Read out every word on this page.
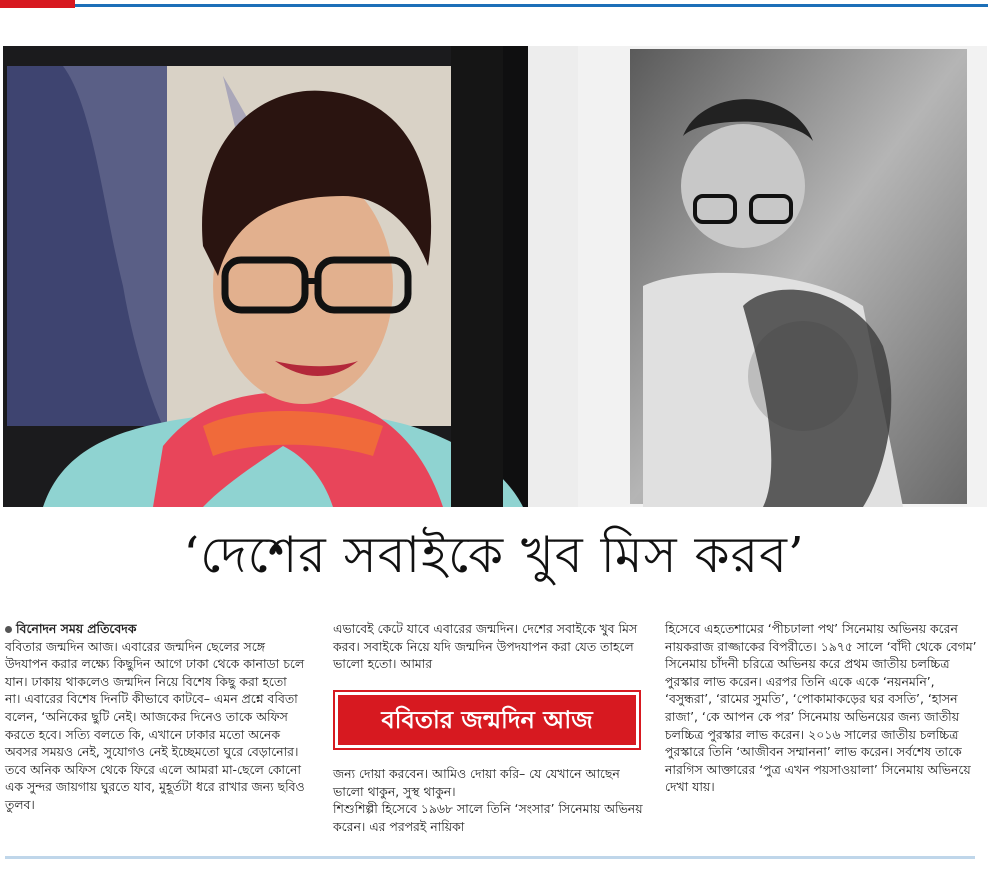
‘দেশের সবাইকে খুব মিস করব’

বিনোদন সময় প্রতিবেদক

ববিতার জন্মদিন আজ। এবারের জন্মদিন ছেলের সঙ্গে উদযাপন করার লক্ষ্যে কিছুদিন আগে ঢাকা থেকে কানাডা চলে যান। ঢাকায় থাকলেও জন্মদিন নিয়ে বিশেষ কিছু করা হতো না। এবারের বিশেষ দিনটি কীভাবে কাটবে– এমন প্রশ্নে ববিতা বলেন, ‘অনিকের ছুটি নেই। আজকের দিনেও তাকে অফিস করতে হবে। সত্যি বলতে কি, এখানে ঢাকার মতো অনেক অবসর সময়ও নেই, সুযোগও নেই ইচ্ছেমতো ঘুরে বেড়ানোর। তবে অনিক অফিস থেকে ফিরে এলে আমরা মা-ছেলে কোনো এক সুন্দর জায়গায় ঘুরতে যাব, মুহূর্তটা ধরে রাখার জন্য ছবিও তুলব।

এভাবেই কেটে যাবে এবারের জন্মদিন। দেশের সবাইকে খুব মিস করব। সবাইকে নিয়ে যদি জন্মদিন উপদযাপন করা যেত তাহলে ভালো হতো। আমার

ববিতার জন্মদিন আজ

জন্য দোয়া করবেন। আমিও দোয়া করি– যে যেখানে আছেন ভালো থাকুন, সুস্থ থাকুন।

শিশুশিল্পী হিসেবে ১৯৬৮ সালে তিনি ‘সংসার’ সিনেমায় অভিনয় করেন। এর পরপরই নায়িকা

হিসেবে এহতেশামের ‘পীচঢালা পথ’ সিনেমায় অভিনয় করেন নায়করাজ রাজ্জাকের বিপরীতে। ১৯৭৫ সালে ‘বাঁদী থেকে বেগম’ সিনেমায় চাঁদনী চরিত্রে অভিনয় করে প্রথম জাতীয় চলচ্চিত্র পুরস্কার লাভ করেন। এরপর তিনি একে একে ‘নয়নমনি’, ‘বসুন্ধরা’, ‘রামের সুমতি’, ‘পোকামাকড়ের ঘর বসতি’, ‘হাসন রাজা’, ‘কে আপন কে পর’ সিনেমায় অভিনয়ের জন্য জাতীয় চলচ্চিত্র পুরস্কার লাভ করেন। ২০১৬ সালের জাতীয় চলচ্চিত্র পুরস্কারে তিনি ‘আজীবন সম্মাননা’ লাভ করেন। সর্বশেষ তাকে নারগিস আক্তারের ‘পুত্র এখন পয়সাওয়ালা’ সিনেমায় অভিনয়ে দেখা যায়।
